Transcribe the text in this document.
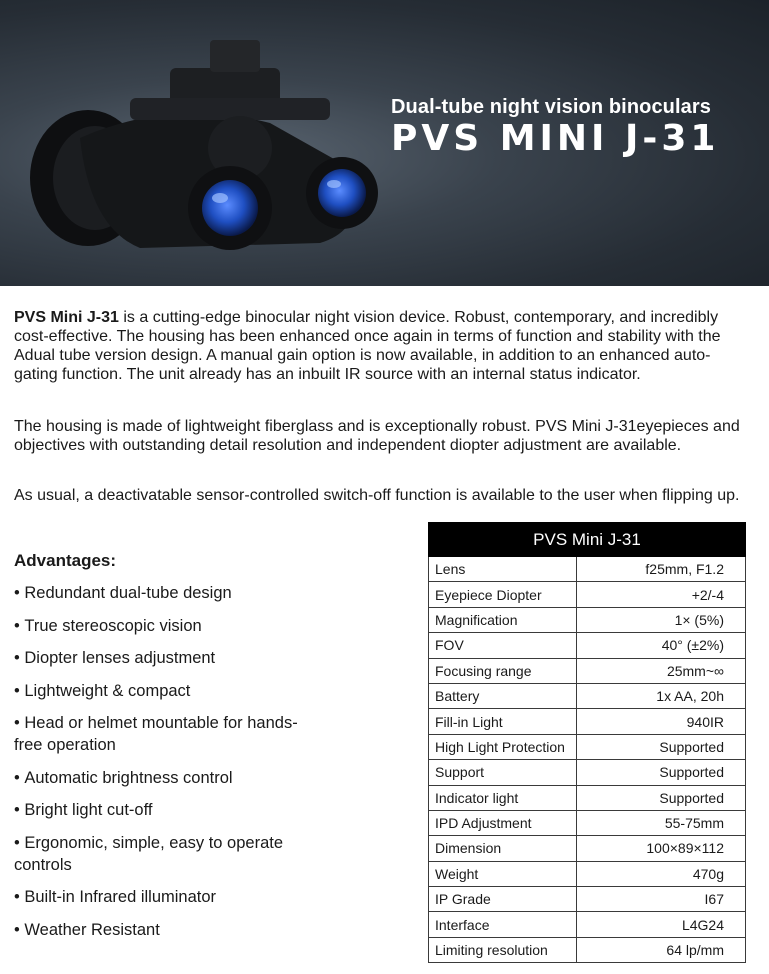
Dual-tube night vision binoculars
PVS MINI J-31
PVS Mini J-31 is a cutting-edge binocular night vision device. Robust, contemporary, and incredibly cost-effective. The housing has been enhanced once again in terms of function and stability with the Adual tube version design. A manual gain option is now available, in addition to an enhanced auto-gating function. The unit already has an inbuilt IR source with an internal status indicator.
The housing is made of lightweight fiberglass and is exceptionally robust. PVS Mini J-31eyepieces and objectives with outstanding detail resolution and independent diopter adjustment are available.
As usual, a deactivatable sensor-controlled switch-off function is available to the user when flipping up.
Advantages:
• Redundant dual-tube design
• True stereoscopic vision
• Diopter lenses adjustment
• Lightweight & compact
• Head or helmet mountable for hands-free operation
• Automatic brightness control
• Bright light cut-off
• Ergonomic, simple, easy to operate controls
• Built-in Infrared illuminator
• Weather Resistant
PVS Mini J-31	
Lens	f25mm, F1.2
Eyepiece Diopter	+2/-4
Magnification	1× (5%)
FOV	40° (±2%)
Focusing range	25mm~∞
Battery	1x AA, 20h
Fill-in Light	940IR
High Light Protection	Supported
Support	Supported
Indicator light	Supported
IPD Adjustment	55-75mm
Dimension	100×89×112
Weight	470g
IP Grade	I67
Interface	L4G24
Limiting resolution	64 lp/mm
